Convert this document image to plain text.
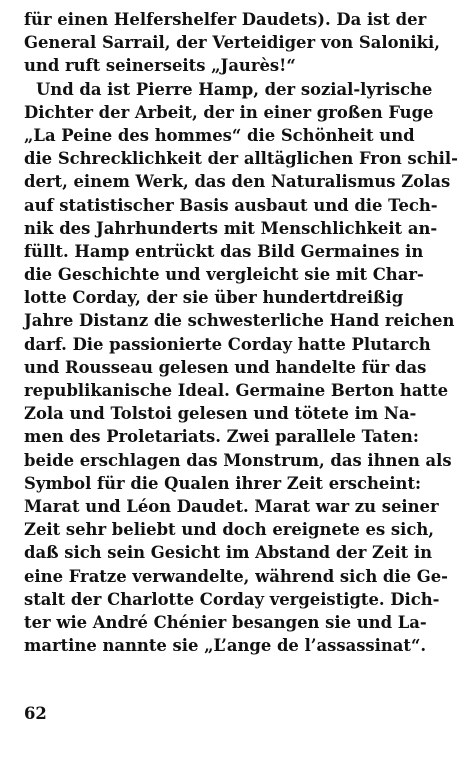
für einen Helfershelfer Daudets). Da ist der
General Sarrail, der Verteidiger von Saloniki,
und ruft seinerseits „Jaurès!“
Und da ist Pierre Hamp, der sozial-lyrische
Dichter der Arbeit, der in einer großen Fuge
„La Peine des hommes“ die Schönheit und
die Schrecklichkeit der alltäglichen Fron schil-
dert, einem Werk, das den Naturalismus Zolas
auf statistischer Basis ausbaut und die Tech-
nik des Jahrhunderts mit Menschlichkeit an-
füllt. Hamp entrückt das Bild Germaines in
die Geschichte und vergleicht sie mit Char-
lotte Corday, der sie über hundertdreißig
Jahre Distanz die schwesterliche Hand reichen
darf. Die passionierte Corday hatte Plutarch
und Rousseau gelesen und handelte für das
republikanische Ideal. Germaine Berton hatte
Zola und Tolstoi gelesen und tötete im Na-
men des Proletariats. Zwei parallele Taten:
beide erschlagen das Monstrum, das ihnen als
Symbol für die Qualen ihrer Zeit erscheint:
Marat und Léon Daudet. Marat war zu seiner
Zeit sehr beliebt und doch ereignete es sich,
daß sich sein Gesicht im Abstand der Zeit in
eine Fratze verwandelte, während sich die Ge-
stalt der Charlotte Corday vergeistigte. Dich-
ter wie André Chénier besangen sie und La-
martine nannte sie „L’ange de l’assassinat“.
62
